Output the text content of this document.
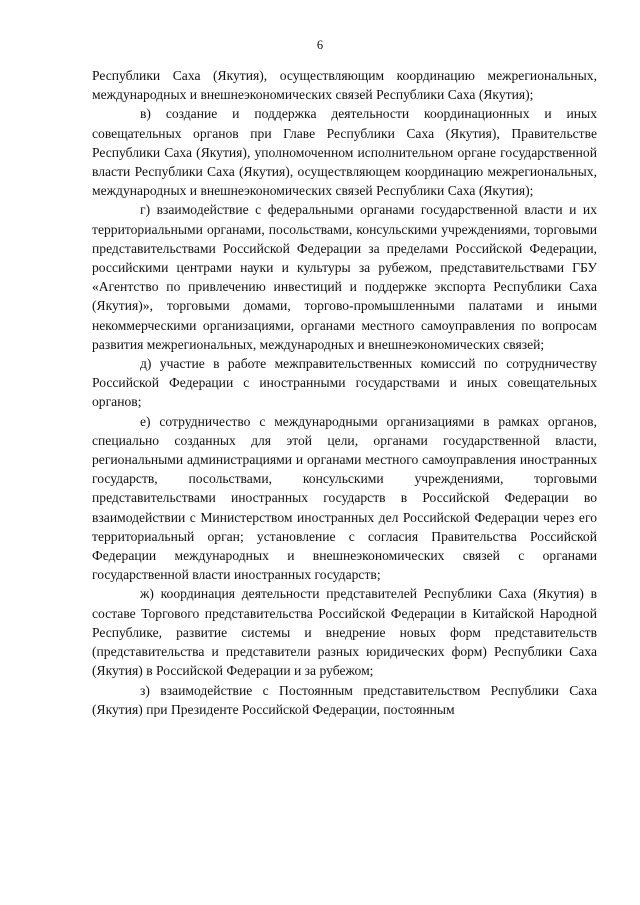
6

Республики Саха (Якутия), осуществляющим координацию межрегиональных, международных и внешнеэкономических связей Республики Саха (Якутия);

в) создание и поддержка деятельности координационных и иных совещательных органов при Главе Республики Саха (Якутия), Правительстве Республики Саха (Якутия), уполномоченном исполнительном органе государственной власти Республики Саха (Якутия), осуществляющем координацию межрегиональных, международных и внешнеэкономических связей Республики Саха (Якутия);

г) взаимодействие с федеральными органами государственной власти и их территориальными органами, посольствами, консульскими учреждениями, торговыми представительствами Российской Федерации за пределами Российской Федерации, российскими центрами науки и культуры за рубежом, представительствами ГБУ «Агентство по привлечению инвестиций и поддержке экспорта Республики Саха (Якутия)», торговыми домами, торгово-промышленными палатами и иными некоммерческими организациями, органами местного самоуправления по вопросам развития межрегиональных, международных и внешнеэкономических связей;

д) участие в работе межправительственных комиссий по сотрудничеству Российской Федерации с иностранными государствами и иных совещательных органов;

е) сотрудничество с международными организациями в рамках органов, специально созданных для этой цели, органами государственной власти, региональными администрациями и органами местного самоуправления иностранных государств, посольствами, консульскими учреждениями, торговыми представительствами иностранных государств в Российской Федерации во взаимодействии с Министерством иностранных дел Российской Федерации через его территориальный орган; установление с согласия Правительства Российской Федерации международных и внешнеэкономических связей с органами государственной власти иностранных государств;

ж) координация деятельности представителей Республики Саха (Якутия) в составе Торгового представительства Российской Федерации в Китайской Народной Республике, развитие системы и внедрение новых форм представительств (представительства и представители разных юридических форм) Республики Саха (Якутия) в Российской Федерации и за рубежом;

з) взаимодействие с Постоянным представительством Республики Саха (Якутия) при Президенте Российской Федерации, постоянным
